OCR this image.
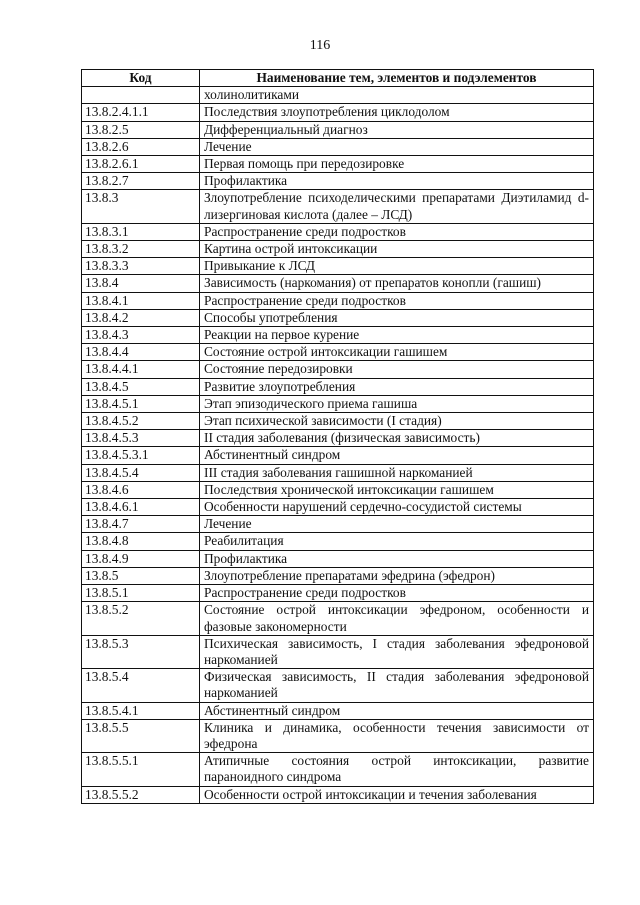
116
Код	Наименование тем, элементов и подэлементов
	холинолитиками
13.8.2.4.1.1	Последствия злоупотребления циклодолом
13.8.2.5	Дифференциальный диагноз
13.8.2.6	Лечение
13.8.2.6.1	Первая помощь при передозировке
13.8.2.7	Профилактика
13.8.3	Злоупотребление психоделическими препаратами Диэтиламид d-лизергиновая кислота (далее – ЛСД)
13.8.3.1	Распространение среди подростков
13.8.3.2	Картина острой интоксикации
13.8.3.3	Привыкание к ЛСД
13.8.4	Зависимость (наркомания) от препаратов конопли (гашиш)
13.8.4.1	Распространение среди подростков
13.8.4.2	Способы употребления
13.8.4.3	Реакции на первое курение
13.8.4.4	Состояние острой интоксикации гашишем
13.8.4.4.1	Состояние передозировки
13.8.4.5	Развитие злоупотребления
13.8.4.5.1	Этап эпизодического приема гашиша
13.8.4.5.2	Этап психической зависимости (I стадия)
13.8.4.5.3	II стадия заболевания (физическая зависимость)
13.8.4.5.3.1	Абстинентный синдром
13.8.4.5.4	III стадия заболевания гашишной наркоманией
13.8.4.6	Последствия хронической интоксикации гашишем
13.8.4.6.1	Особенности нарушений сердечно-сосудистой системы
13.8.4.7	Лечение
13.8.4.8	Реабилитация
13.8.4.9	Профилактика
13.8.5	Злоупотребление препаратами эфедрина (эфедрон)
13.8.5.1	Распространение среди подростков
13.8.5.2	Состояние острой интоксикации эфедроном, особенности и фазовые закономерности
13.8.5.3	Психическая зависимость, I стадия заболевания эфедроновой наркоманией
13.8.5.4	Физическая зависимость, II стадия заболевания эфедроновой наркоманией
13.8.5.4.1	Абстинентный синдром
13.8.5.5	Клиника и динамика, особенности течения зависимости от эфедрона
13.8.5.5.1	Атипичные состояния острой интоксикации, развитие параноидного синдрома
13.8.5.5.2	Особенности острой интоксикации и течения заболевания
